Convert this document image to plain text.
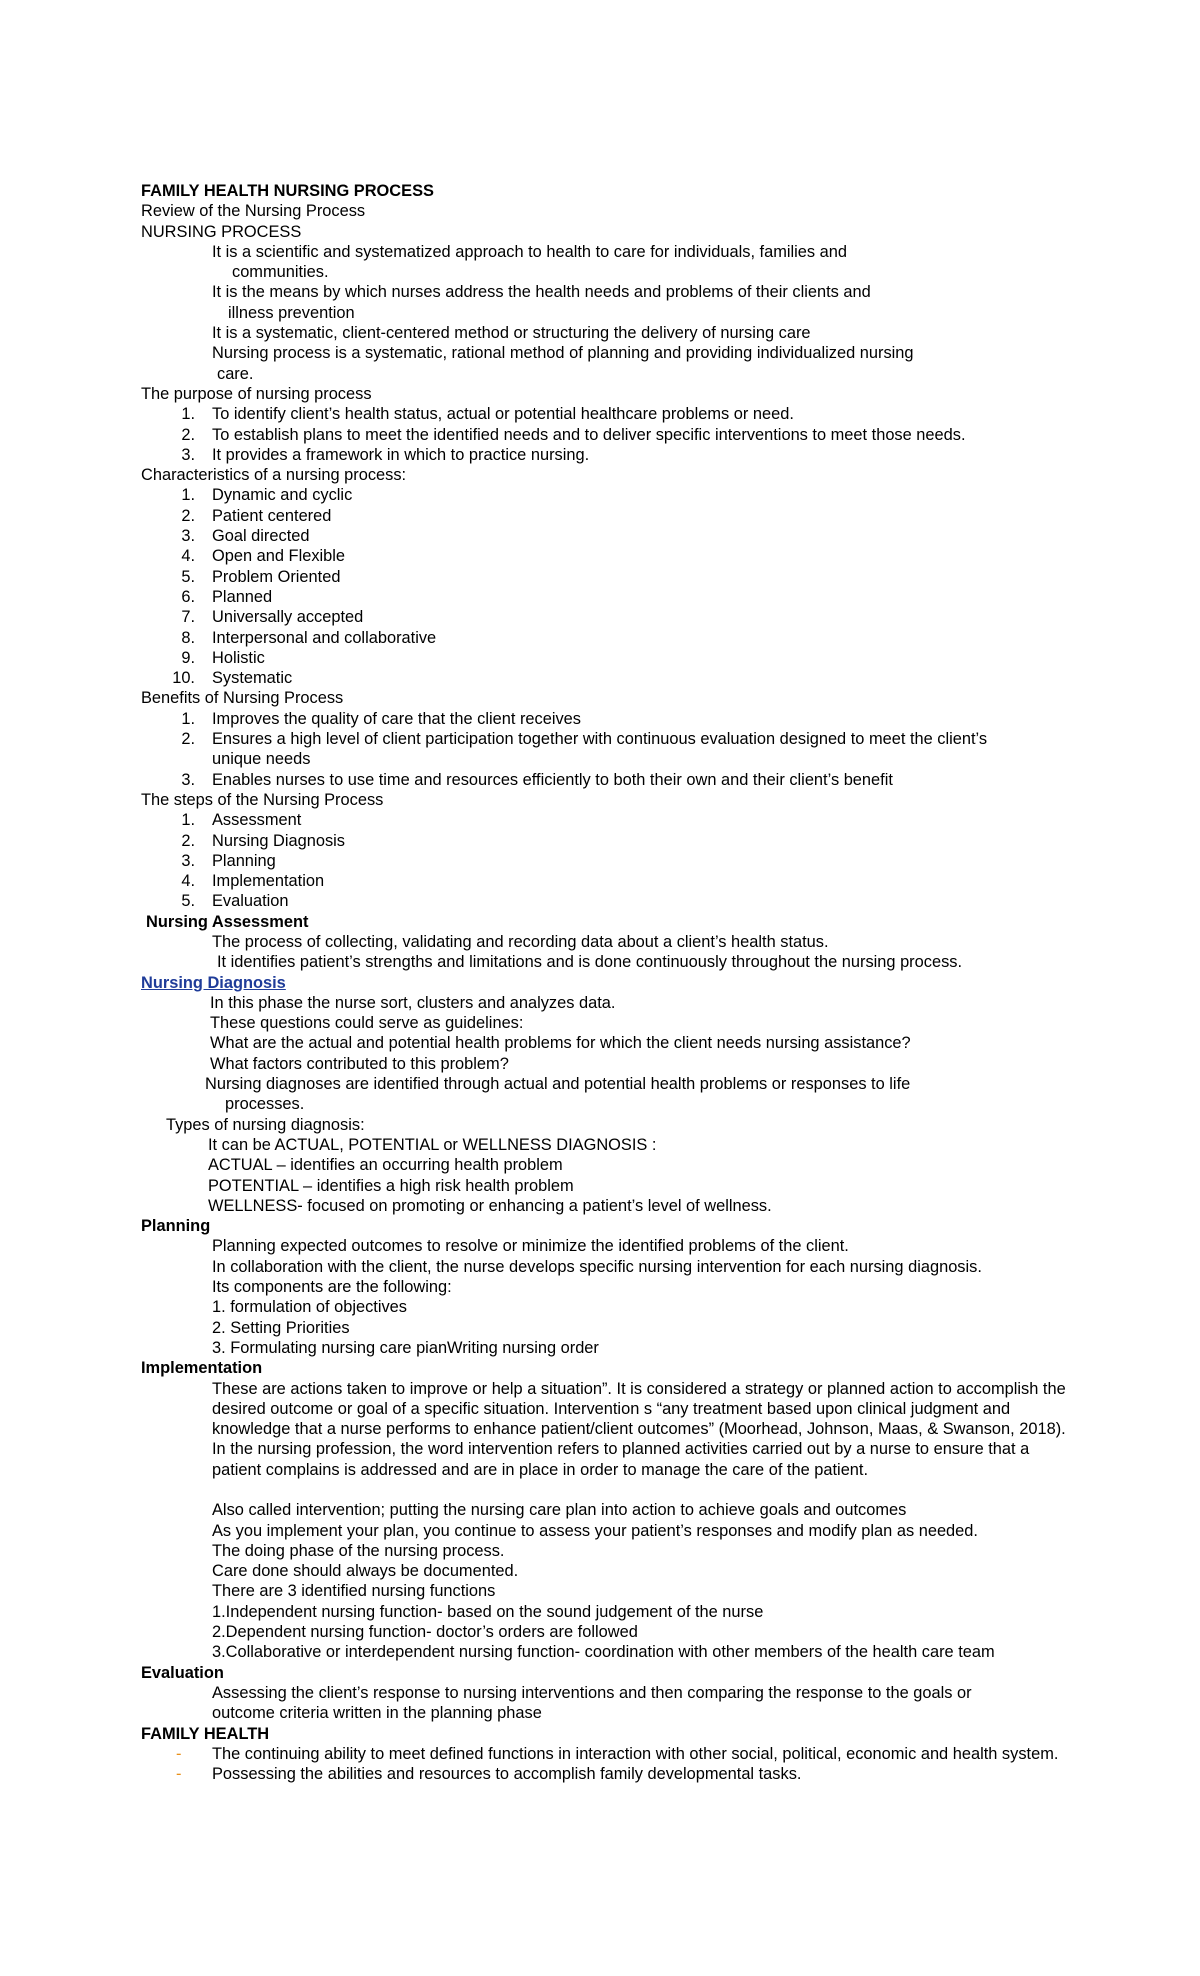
FAMILY HEALTH NURSING PROCESS
Review of the Nursing Process
NURSING PROCESS
It is a scientific and systematized approach to health to care for individuals, families and
communities.
It is the means by which nurses address the health needs and problems of their clients and
illness prevention
It is a systematic, client-centered method or structuring the delivery of nursing care
Nursing process is a systematic, rational method of planning and providing individualized nursing
care.
The purpose of nursing process
1. To identify client’s health status, actual or potential healthcare problems or need.
2. To establish plans to meet the identified needs and to deliver specific interventions to meet those needs.
3. It provides a framework in which to practice nursing.
Characteristics of a nursing process:
1. Dynamic and cyclic
2. Patient centered
3. Goal directed
4. Open and Flexible
5. Problem Oriented
6. Planned
7. Universally accepted
8. Interpersonal and collaborative
9. Holistic
10. Systematic
Benefits of Nursing Process
1. Improves the quality of care that the client receives
2. Ensures a high level of client participation together with continuous evaluation designed to meet the client’s
unique needs
3. Enables nurses to use time and resources efficiently to both their own and their client’s benefit
The steps of the Nursing Process
1. Assessment
2. Nursing Diagnosis
3. Planning
4. Implementation
5. Evaluation
Nursing Assessment
The process of collecting, validating and recording data about a client’s health status.
It identifies patient’s strengths and limitations and is done continuously throughout the nursing process.
Nursing Diagnosis
In this phase the nurse sort, clusters and analyzes data.
These questions could serve as guidelines:
What are the actual and potential health problems for which the client needs nursing assistance?
What factors contributed to this problem?
Nursing diagnoses are identified through actual and potential health problems or responses to life
processes.
Types of nursing diagnosis:
It can be ACTUAL, POTENTIAL or WELLNESS DIAGNOSIS :
ACTUAL – identifies an occurring health problem
POTENTIAL – identifies a high risk health problem
WELLNESS- focused on promoting or enhancing a patient’s level of wellness.
Planning
Planning expected outcomes to resolve or minimize the identified problems of the client.
In collaboration with the client, the nurse develops specific nursing intervention for each nursing diagnosis.
Its components are the following:
1. formulation of objectives
2. Setting Priorities
3. Formulating nursing care pianWriting nursing order
Implementation
These are actions taken to improve or help a situation”. It is considered a strategy or planned action to accomplish the desired outcome or goal of a specific situation. Intervention s “any treatment based upon clinical judgment and knowledge that a nurse performs to enhance patient/client outcomes” (Moorhead, Johnson, Maas, & Swanson, 2018). In the nursing profession, the word intervention refers to planned activities carried out by a nurse to ensure that a patient complains is addressed and are in place in order to manage the care of the patient.
Also called intervention; putting the nursing care plan into action to achieve goals and outcomes
As you implement your plan, you continue to assess your patient’s responses and modify plan as needed.
The doing phase of the nursing process.
Care done should always be documented.
There are 3 identified nursing functions
1.Independent nursing function- based on the sound judgement of the nurse
2.Dependent nursing function- doctor’s orders are followed
3.Collaborative or interdependent nursing function- coordination with other members of the health care team
Evaluation
Assessing the client’s response to nursing interventions and then comparing the response to the goals or
outcome criteria written in the planning phase
FAMILY HEALTH
- The continuing ability to meet defined functions in interaction with other social, political, economic and health system.
- Possessing the abilities and resources to accomplish family developmental tasks.
